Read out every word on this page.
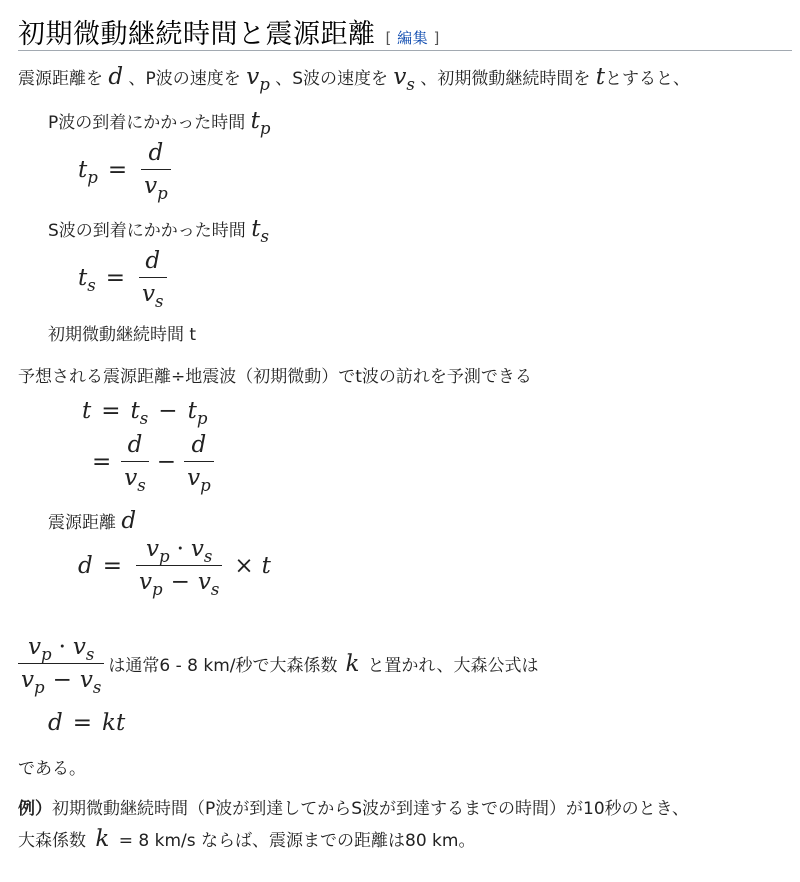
初期微動継続時間と震源距離 [ 編集 ]
震源距離を d 、P波の速度を $v_p$ 、S波の速度を $v_s$ 、初期微動継続時間を tとすると、
P波の到着にかかった時間 $t_p$
$t_p = \frac{d}{v_p}$
S波の到着にかかった時間 $t_s$
$t_s = \frac{d}{v_s}$
初期微動継続時間 t
予想される震源距離÷地震波（初期微動）でt波の訪れを予測できる
$t = t_s - t_p$
= $\frac{d}{v_s} - \frac{d}{v_p}$
震源距離 d
$d = \frac{v_p \cdot v_s}{v_p - v_s} \times t$
$\frac{v_p \cdot v_s}{v_p - v_s}$ は通常6 - 8 km/秒で大森係数 k と置かれ、大森公式は
d = kt
である。
例）初期微動継続時間（P波が到達してからS波が到達するまでの時間）が10秒のとき、
大森係数 k = 8 km/s ならば、震源までの距離は80 km。
